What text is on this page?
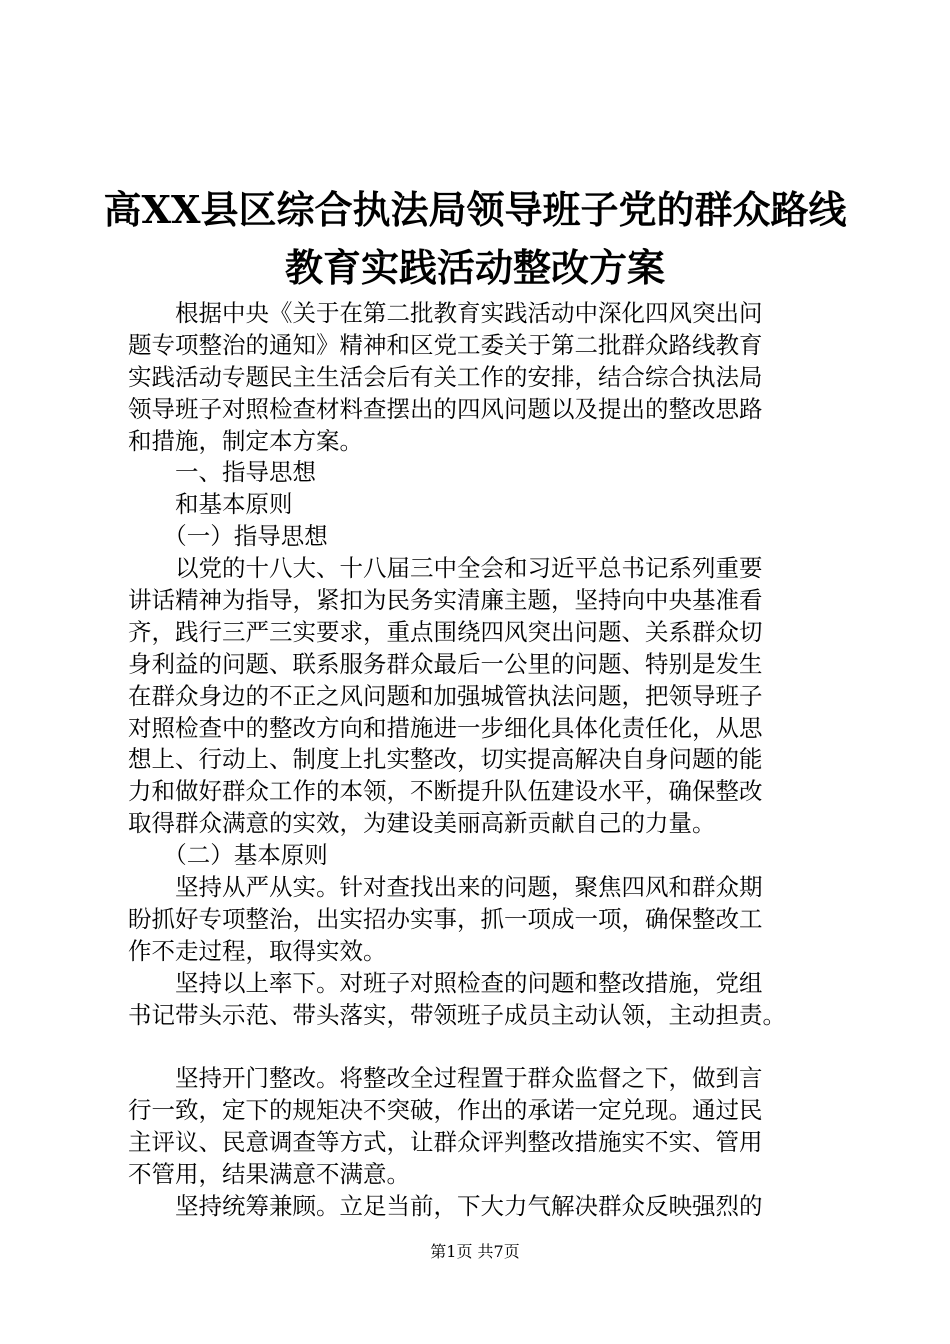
高XX县区综合执法局领导班子党的群众路线
教育实践活动整改方案
　　根据中央《关于在第二批教育实践活动中深化四风突出问
题专项整治的通知》精神和区党工委关于第二批群众路线教育
实践活动专题民主生活会后有关工作的安排，结合综合执法局
领导班子对照检查材料查摆出的四风问题以及提出的整改思路
和措施，制定本方案。
　　一、指导思想
　　和基本原则
　　（一）指导思想
　　以党的十八大、十八届三中全会和习近平总书记系列重要
讲话精神为指导，紧扣为民务实清廉主题，坚持向中央基准看
齐，践行三严三实要求，重点围绕四风突出问题、关系群众切
身利益的问题、联系服务群众最后一公里的问题、特别是发生
在群众身边的不正之风问题和加强城管执法问题，把领导班子
对照检查中的整改方向和措施进一步细化具体化责任化，从思
想上、行动上、制度上扎实整改，切实提高解决自身问题的能
力和做好群众工作的本领，不断提升队伍建设水平，确保整改
取得群众满意的实效，为建设美丽高新贡献自己的力量。
　　（二）基本原则
　　坚持从严从实。针对查找出来的问题，聚焦四风和群众期
盼抓好专项整治，出实招办实事，抓一项成一项，确保整改工
作不走过程，取得实效。
　　坚持以上率下。对班子对照检查的问题和整改措施，党组
书记带头示范、带头落实，带领班子成员主动认领，主动担责。
　　坚持开门整改。将整改全过程置于群众监督之下，做到言
行一致，定下的规矩决不突破，作出的承诺一定兑现。通过民
主评议、民意调查等方式，让群众评判整改措施实不实、管用
不管用，结果满意不满意。
　　坚持统筹兼顾。立足当前，下大力气解决群众反映强烈的
第1页 共7页
